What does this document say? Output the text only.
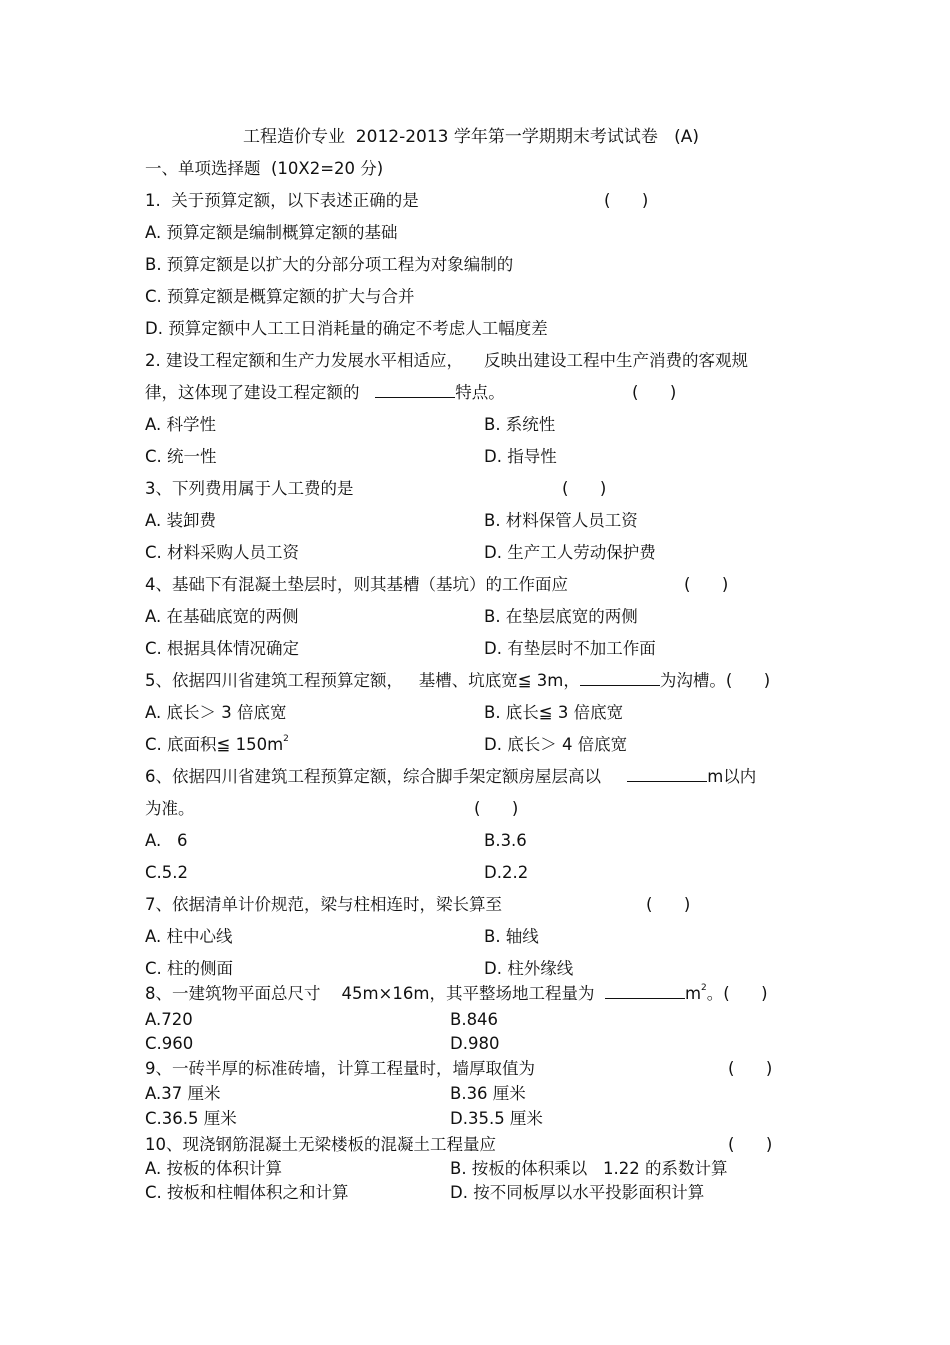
工程造价专业  2012-2013 学年第一学期期末考试试卷   (A)
一、单项选择题  (10X2=20 分)
1.  关于预算定额，以下表述正确的是	(      )
A. 预算定额是编制概算定额的基础
B. 预算定额是以扩大的分部分项工程为对象编制的
C. 预算定额是概算定额的扩大与合并
D. 预算定额中人工工日消耗量的确定不考虑人工幅度差
2. 建设工程定额和生产力发展水平相适应，    反映出建设工程中生产消费的客观规
律，这体现了建设工程定额的	特点。	(      )
A. 科学性	B. 系统性
C. 统一性	D. 指导性
3、下列费用属于人工费的是	(      )
A. 装卸费	B. 材料保管人员工资
C. 材料采购人员工资	D. 生产工人劳动保护费
4、基础下有混凝土垫层时，则其基槽（基坑）的工作面应	(      )
A. 在基础底宽的两侧	B. 在垫层底宽的两侧
C. 根据具体情况确定	D. 有垫层时不加工作面
5、依据四川省建筑工程预算定额，   基槽、坑底宽≦ 3m，	为沟槽。(      )
A. 底长＞ 3 倍底宽	B. 底长≦ 3 倍底宽
C. 底面积≦ $150m^2$	D. 底长＞ 4 倍底宽
6、依据四川省建筑工程预算定额，综合脚手架定额房屋层高以	m以内
为准。	(      )
A.   6	B.3.6
C.5.2	D.2.2
7、依据清单计价规范，梁与柱相连时，梁长算至	(      )
A. 柱中心线	B. 轴线
C. 柱的侧面	D. 柱外缘线
8、一建筑物平面总尺寸    45m×16m，其平整场地工程量为	$m^2$。(      )
A.720	B.846
C.960	D.980
9、一砖半厚的标准砖墙，计算工程量时，墙厚取值为	(      )
A.37 厘米	B.36 厘米
C.36.5 厘米	D.35.5 厘米
10、现浇钢筋混凝土无梁楼板的混凝土工程量应	(      )
A. 按板的体积计算	B. 按板的体积乘以   1.22 的系数计算
C. 按板和柱帽体积之和计算	D. 按不同板厚以水平投影面积计算
